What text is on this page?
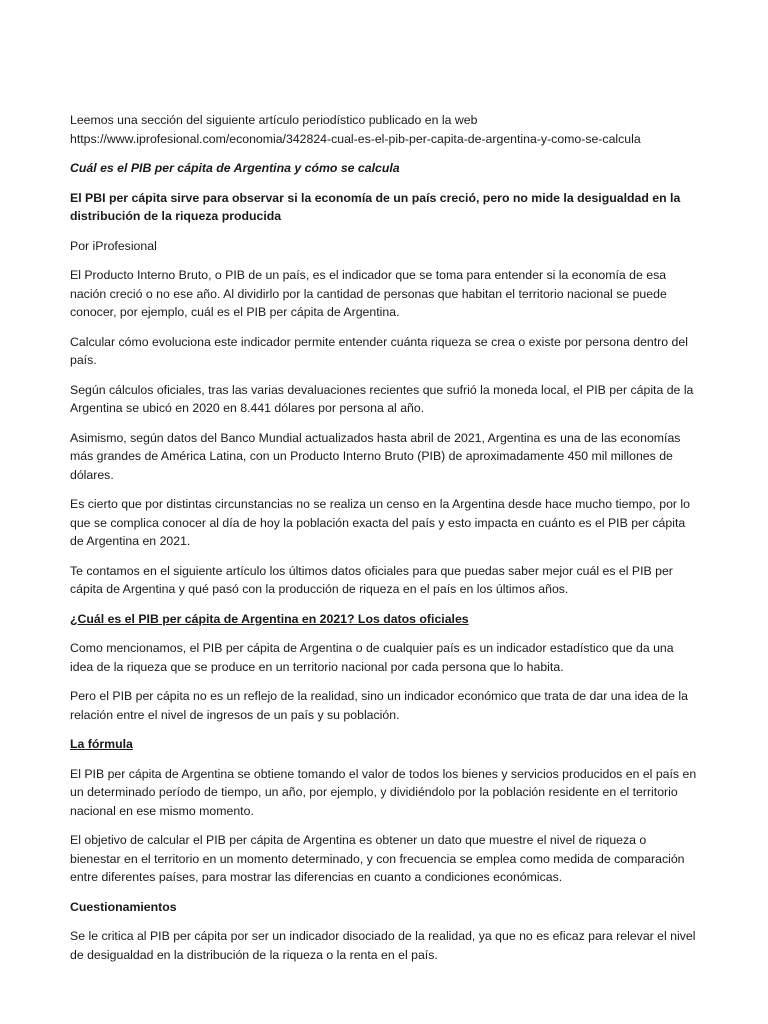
Leemos una sección del siguiente artículo periodístico publicado en la web
https://www.iprofesional.com/economia/342824-cual-es-el-pib-per-capita-de-argentina-y-como-se-calcula

Cuál es el PIB per cápita de Argentina y cómo se calcula

El PBI per cápita sirve para observar si la economía de un país creció, pero no mide la desigualdad en la distribución de la riqueza producida

Por iProfesional

El Producto Interno Bruto, o PIB de un país, es el indicador que se toma para entender si la economía de esa nación creció o no ese año. Al dividirlo por la cantidad de personas que habitan el territorio nacional se puede conocer, por ejemplo, cuál es el PIB per cápita de Argentina.

Calcular cómo evoluciona este indicador permite entender cuánta riqueza se crea o existe por persona dentro del país.

Según cálculos oficiales, tras las varias devaluaciones recientes que sufrió la moneda local, el PIB per cápita de la Argentina se ubicó en 2020 en 8.441 dólares por persona al año.

Asimismo, según datos del Banco Mundial actualizados hasta abril de 2021, Argentina es una de las economías más grandes de América Latina, con un Producto Interno Bruto (PIB) de aproximadamente 450 mil millones de dólares.

Es cierto que por distintas circunstancias no se realiza un censo en la Argentina desde hace mucho tiempo, por lo que se complica conocer al día de hoy la población exacta del país y esto impacta en cuánto es el PIB per cápita de Argentina en 2021.

Te contamos en el siguiente artículo los últimos datos oficiales para que puedas saber mejor cuál es el PIB per cápita de Argentina y qué pasó con la producción de riqueza en el país en los últimos años.

¿Cuál es el PIB per cápita de Argentina en 2021? Los datos oficiales

Como mencionamos, el PIB per cápita de Argentina o de cualquier país es un indicador estadístico que da una idea de la riqueza que se produce en un territorio nacional por cada persona que lo habita.

Pero el PIB per cápita no es un reflejo de la realidad, sino un indicador económico que trata de dar una idea de la relación entre el nivel de ingresos de un país y su población.

La fórmula

El PIB per cápita de Argentina se obtiene tomando el valor de todos los bienes y servicios producidos en el país en un determinado período de tiempo, un año, por ejemplo, y dividiéndolo por la población residente en el territorio nacional en ese mismo momento.

El objetivo de calcular el PIB per cápita de Argentina es obtener un dato que muestre el nivel de riqueza o bienestar en el territorio en un momento determinado, y con frecuencia se emplea como medida de comparación entre diferentes países, para mostrar las diferencias en cuanto a condiciones económicas.

Cuestionamientos

Se le critica al PIB per cápita por ser un indicador disociado de la realidad, ya que no es eficaz para relevar el nivel de desigualdad en la distribución de la riqueza o la renta en el país.
